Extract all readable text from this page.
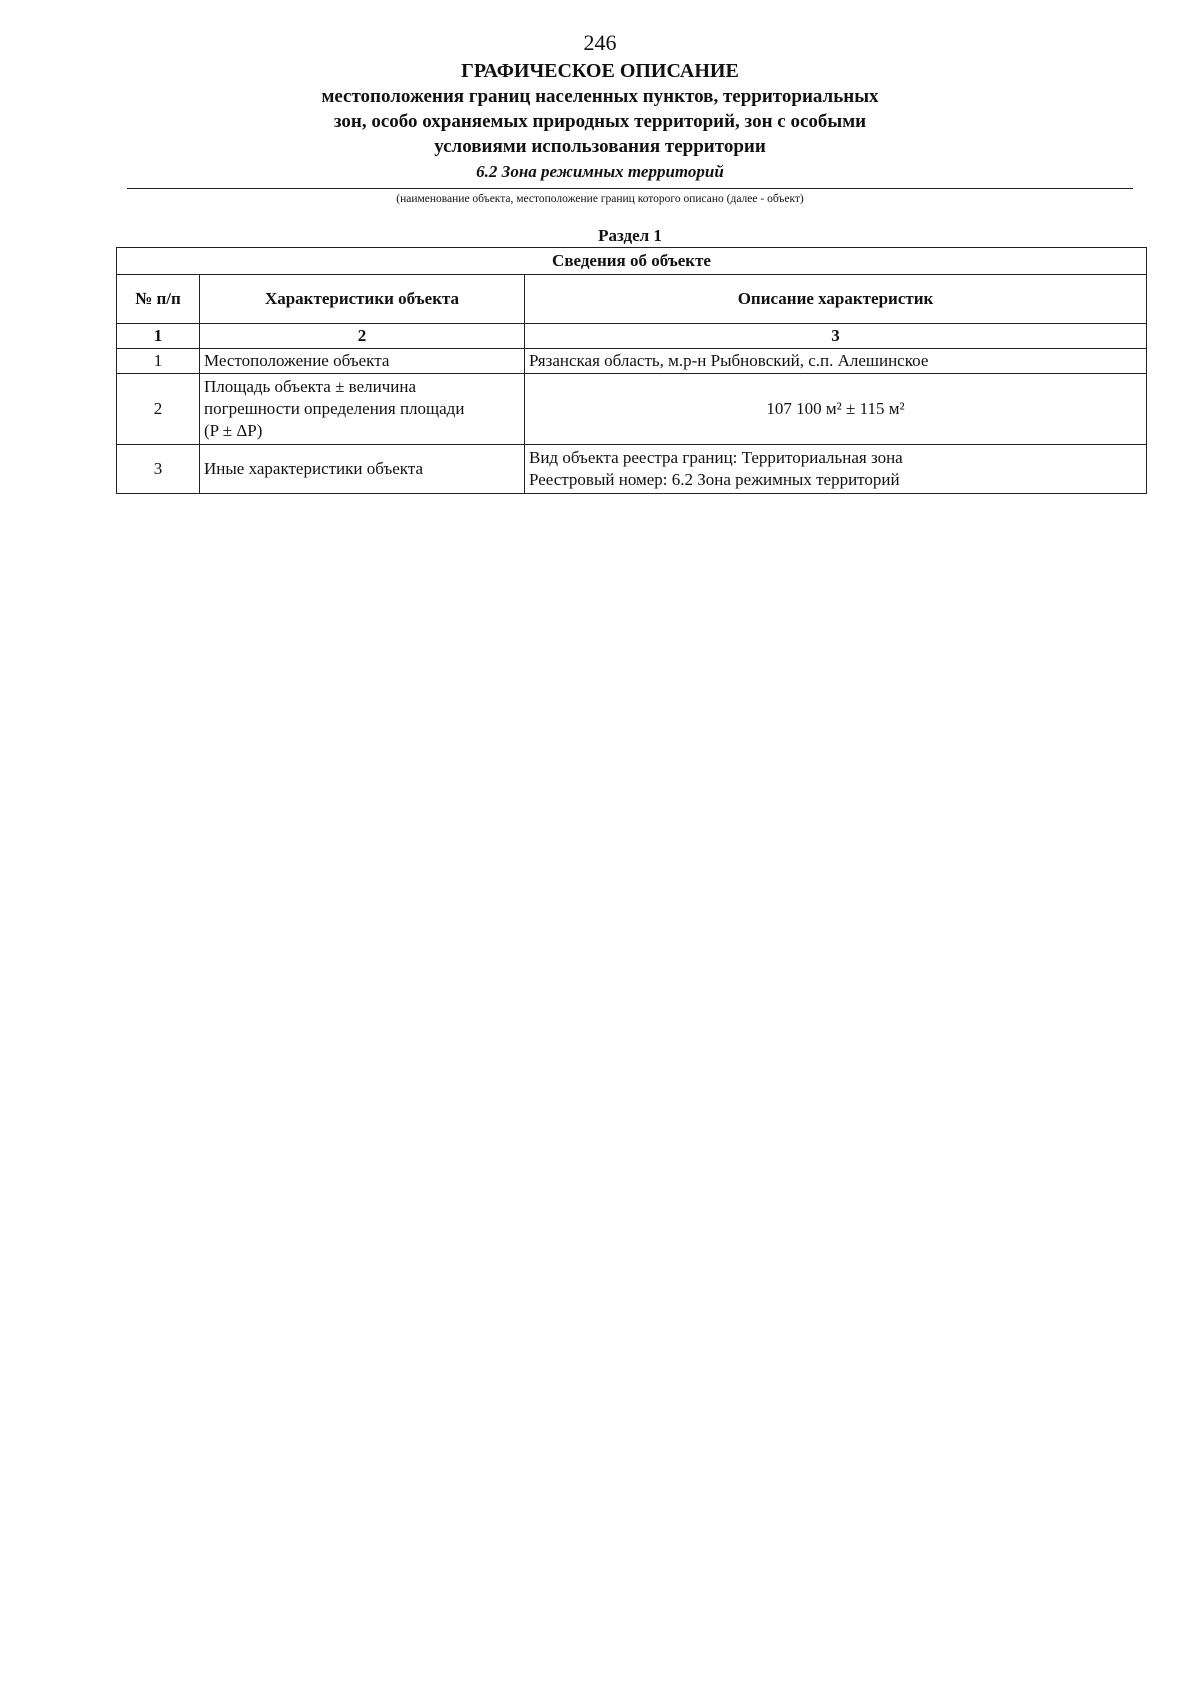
246
ГРАФИЧЕСКОЕ ОПИСАНИЕ
местоположения границ населенных пунктов, территориальных
зон, особо охраняемых природных территорий, зон с особыми
условиями использования территории
6.2 Зона режимных территорий
(наименование объекта, местоположение границ которого описано (далее - объект)
Раздел 1
Сведения об объекте		
№ п/п	Характеристики объекта	Описание характеристик
1	2	3
1	Местоположение объекта	Рязанская область, м.р-н Рыбновский, с.п. Алешинское

2	Площадь объекта ± величина
погрешности определения площади
(P ± ΔP)	107 100 м² ± 115 м²

3	Иные характеристики объекта	Вид объекта реестра границ: Территориальная зона
Реестровый номер: 6.2 Зона режимных территорий
